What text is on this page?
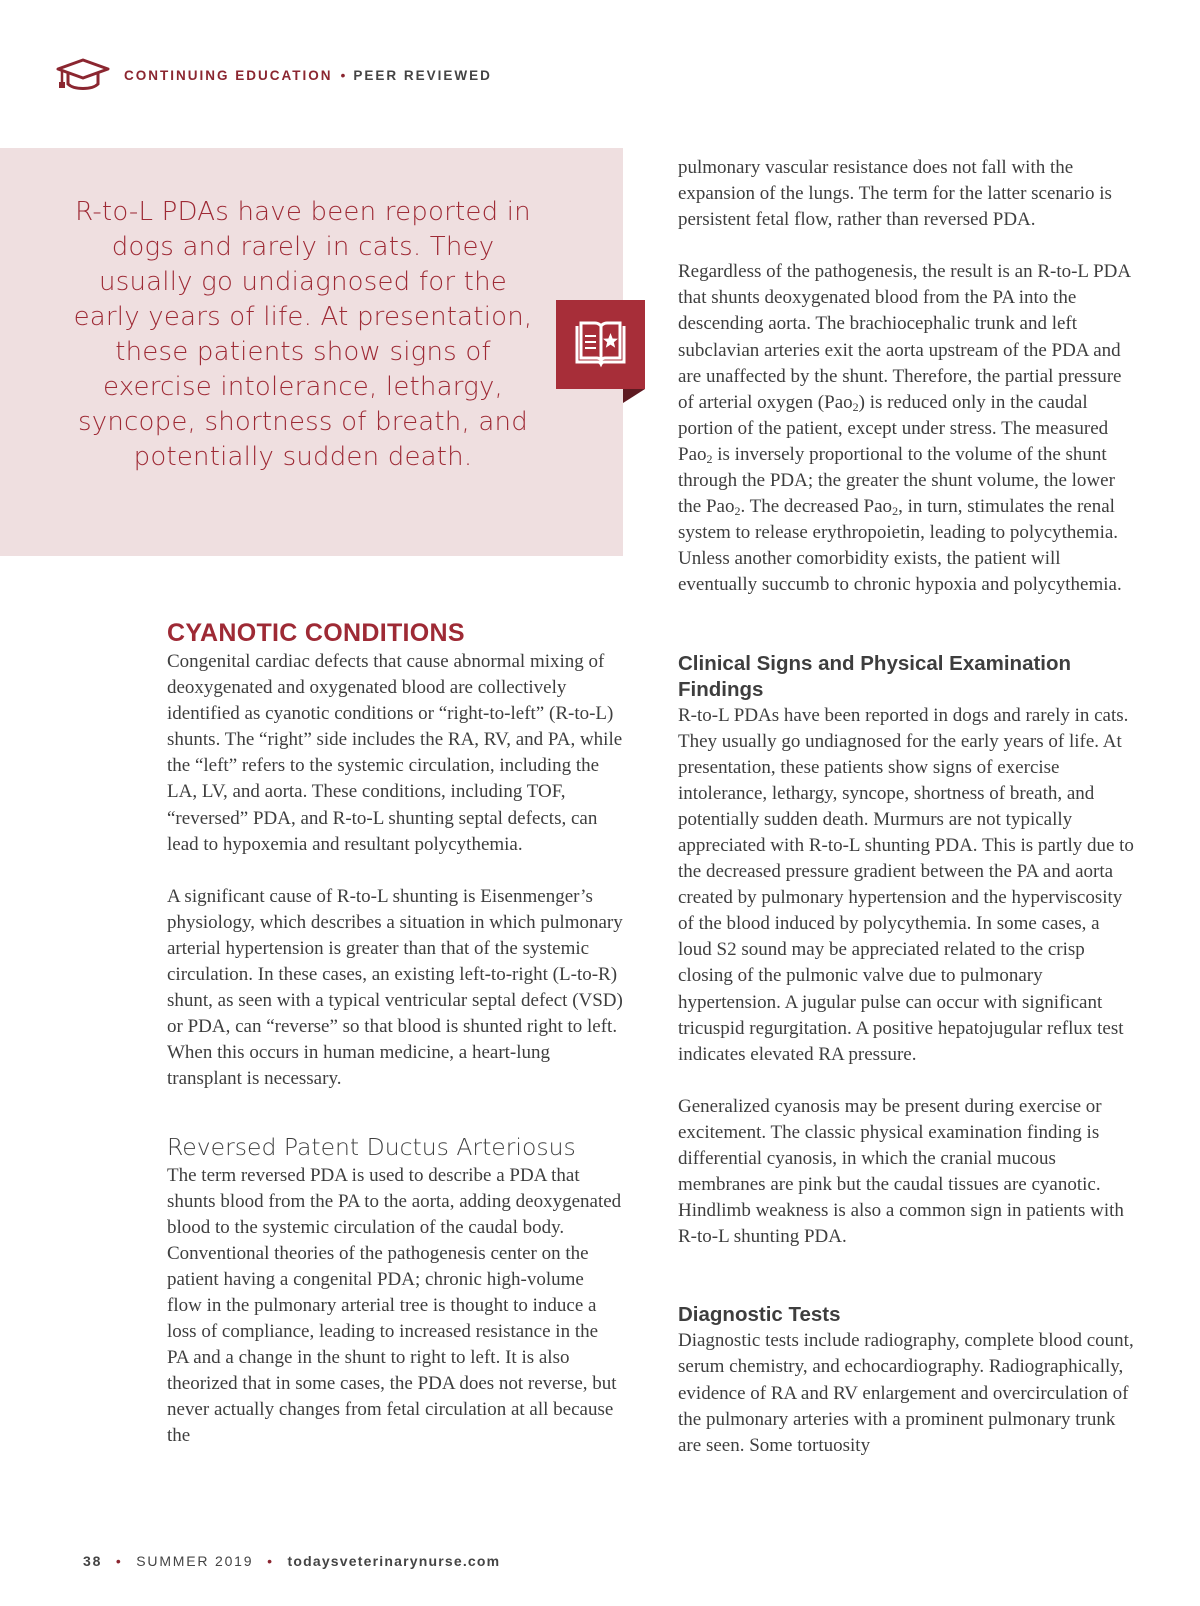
CONTINUING EDUCATION • PEER REVIEWED

R-to-L PDAs have been reported in dogs and rarely in cats. They usually go undiagnosed for the early years of life. At presentation, these patients show signs of exercise intolerance, lethargy, syncope, shortness of breath, and potentially sudden death.

CYANOTIC CONDITIONS

Congenital cardiac defects that cause abnormal mixing of deoxygenated and oxygenated blood are collectively identified as cyanotic conditions or “right-to-left” (R-to-L) shunts. The “right” side includes the RA, RV, and PA, while the “left” refers to the systemic circulation, including the LA, LV, and aorta. These conditions, including TOF, “reversed” PDA, and R-to-L shunting septal defects, can lead to hypoxemia and resultant polycythemia.

A significant cause of R-to-L shunting is Eisenmenger’s physiology, which describes a situation in which pulmonary arterial hypertension is greater than that of the systemic circulation. In these cases, an existing left-to-right (L-to-R) shunt, as seen with a typical ventricular septal defect (VSD) or PDA, can “reverse” so that blood is shunted right to left. When this occurs in human medicine, a heart-lung transplant is necessary.

Reversed Patent Ductus Arteriosus

The term reversed PDA is used to describe a PDA that shunts blood from the PA to the aorta, adding deoxygenated blood to the systemic circulation of the caudal body. Conventional theories of the pathogenesis center on the patient having a congenital PDA; chronic high-volume flow in the pulmonary arterial tree is thought to induce a loss of compliance, leading to increased resistance in the PA and a change in the shunt to right to left. It is also theorized that in some cases, the PDA does not reverse, but never actually changes from fetal circulation at all because the

pulmonary vascular resistance does not fall with the expansion of the lungs. The term for the latter scenario is persistent fetal flow, rather than reversed PDA.

Regardless of the pathogenesis, the result is an R-to-L PDA that shunts deoxygenated blood from the PA into the descending aorta. The brachiocephalic trunk and left subclavian arteries exit the aorta upstream of the PDA and are unaffected by the shunt. Therefore, the partial pressure of arterial oxygen (Pao$_2$) is reduced only in the caudal portion of the patient, except under stress. The measured Pao$_2$ is inversely proportional to the volume of the shunt through the PDA; the greater the shunt volume, the lower the Pao$_2$. The decreased Pao$_2$, in turn, stimulates the renal system to release erythropoietin, leading to polycythemia. Unless another comorbidity exists, the patient will eventually succumb to chronic hypoxia and polycythemia.

Clinical Signs and Physical Examination Findings

R-to-L PDAs have been reported in dogs and rarely in cats. They usually go undiagnosed for the early years of life. At presentation, these patients show signs of exercise intolerance, lethargy, syncope, shortness of breath, and potentially sudden death. Murmurs are not typically appreciated with R-to-L shunting PDA. This is partly due to the decreased pressure gradient between the PA and aorta created by pulmonary hypertension and the hyperviscosity of the blood induced by polycythemia. In some cases, a loud S2 sound may be appreciated related to the crisp closing of the pulmonic valve due to pulmonary hypertension. A jugular pulse can occur with significant tricuspid regurgitation. A positive hepatojugular reflux test indicates elevated RA pressure.

Generalized cyanosis may be present during exercise or excitement. The classic physical examination finding is differential cyanosis, in which the cranial mucous membranes are pink but the caudal tissues are cyanotic. Hindlimb weakness is also a common sign in patients with R-to-L shunting PDA.

Diagnostic Tests

Diagnostic tests include radiography, complete blood count, serum chemistry, and echocardiography. Radiographically, evidence of RA and RV enlargement and overcirculation of the pulmonary arteries with a prominent pulmonary trunk are seen. Some tortuosity

38 • SUMMER 2019 • todaysveterinarynurse.com
